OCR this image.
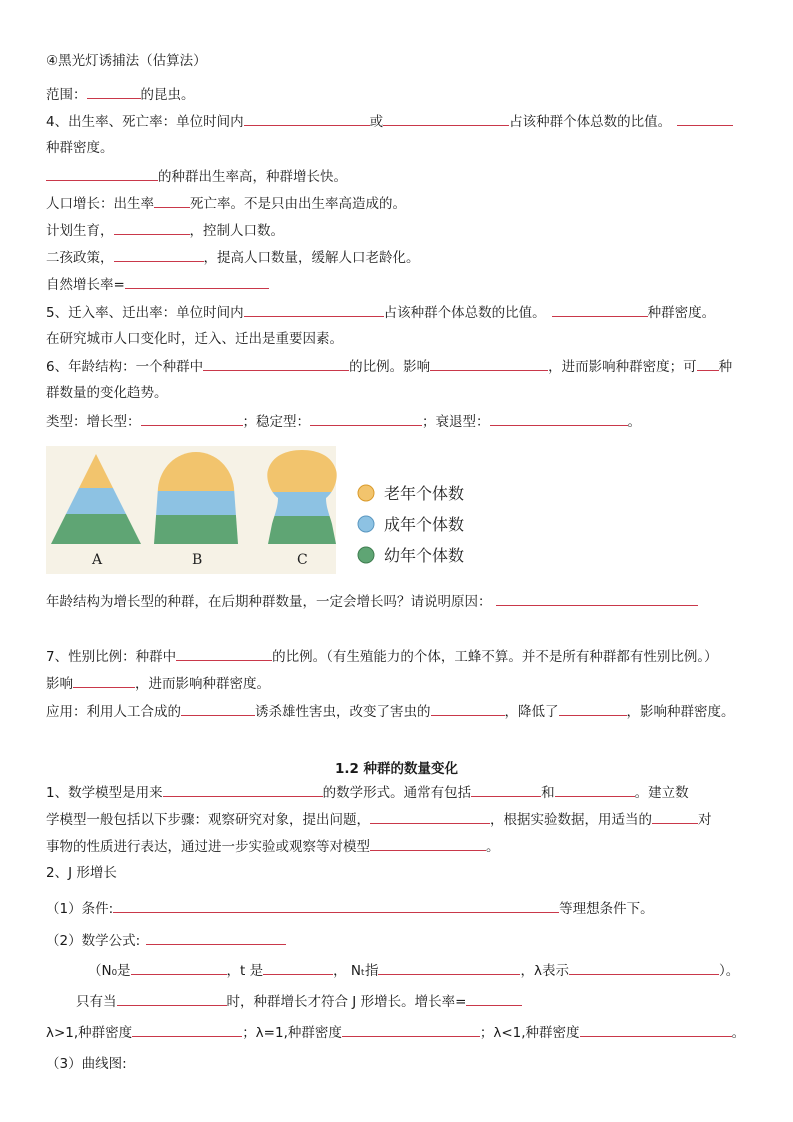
④黑光灯诱捕法（估算法）
范围：	的昆虫。
4、出生率、死亡率：单位时间内	或	占该种群个体总数的比值。
种群密度。
的种群出生率高，种群增长快。
人口增长：出生率	死亡率。不是只由出生率高造成的。
计划生育，	，控制人口数。
二孩政策，	，提高人口数量，缓解人口老龄化。
自然增长率=
5、迁入率、迁出率：单位时间内	占该种群个体总数的比值。	种群密度。
在研究城市人口变化时，迁入、迁出是重要因素。
6、年龄结构：一个种群中	的比例。影响	，进而影响种群密度；可 种
群数量的变化趋势。
类型：增长型：	；稳定型：	；衰退型：	。
A	B	C
老年个体数
成年个体数
幼年个体数
年龄结构为增长型的种群，在后期种群数量，一定会增长吗？请说明原因：
7、性别比例：种群中	的比例。（有生殖能力的个体，工蜂不算。并不是所有种群都有性别比例。）
影响	，进而影响种群密度。
应用：利用人工合成的	诱杀雄性害虫，改变了害虫的	，降低了	，影响种群密度。
1.2 种群的数量变化
1、数学模型是用来	的数学形式。通常有包括	和	。建立数
学模型一般包括以下步骤：观察研究对象，提出问题，	，根据实验数据，用适当的	对
事物的性质进行表达，通过进一步实验或观察等对模型	。
2、J 形增长
（1）条件:	等理想条件下。
（2）数学公式:
（N₀是	，t 是	， Nₜ指	，λ表示	）。
只有当	时，种群增长才符合 J 形增长。增长率=
λ>1,种群密度	；λ=1,种群密度	；λ<1,种群密度	。
（3）曲线图:
